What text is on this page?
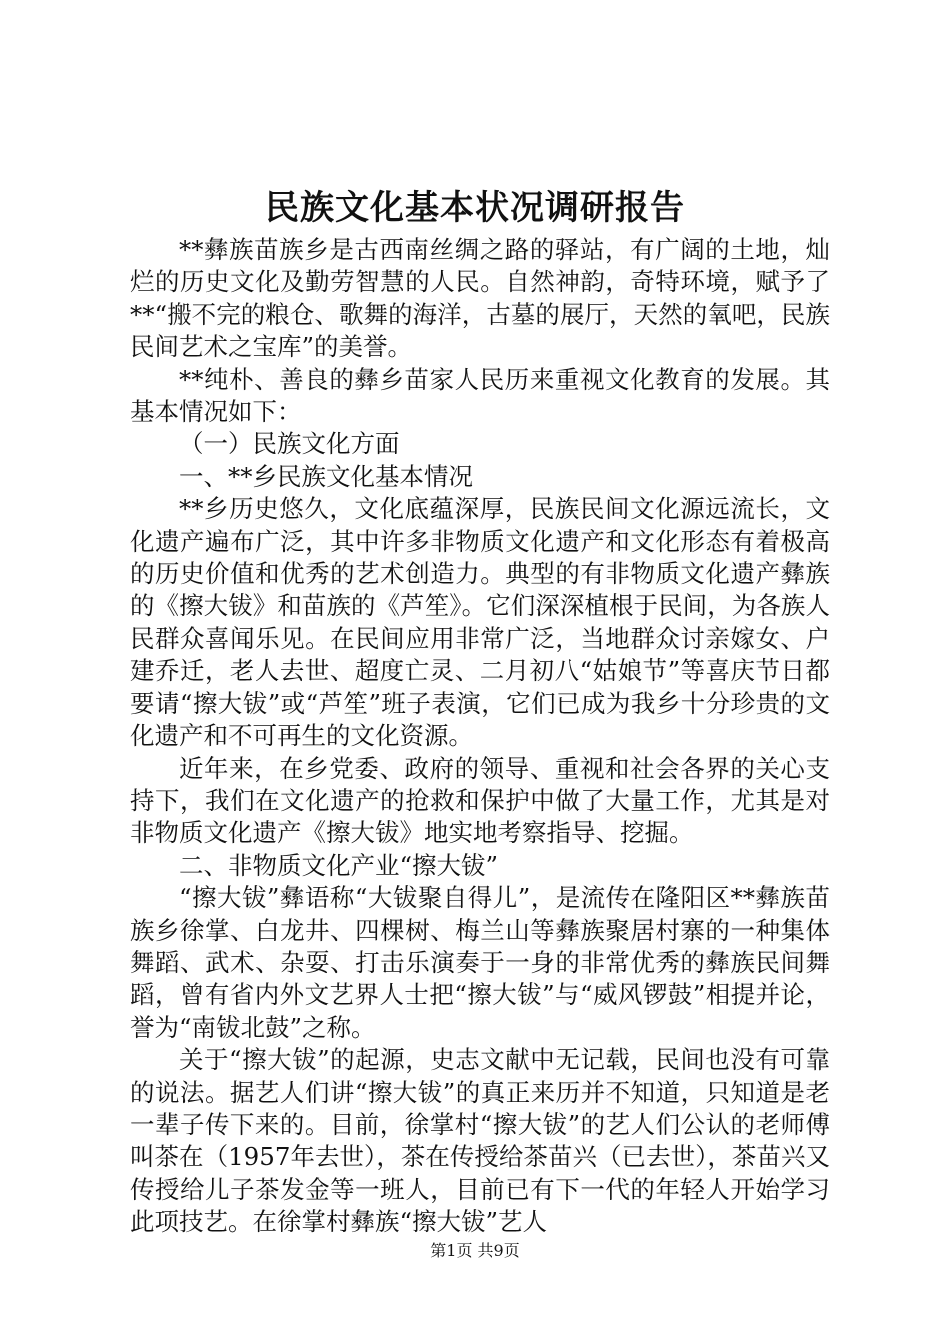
民族文化基本状况调研报告

**彝族苗族乡是古西南丝绸之路的驿站，有广阔的土地，灿烂的历史文化及勤劳智慧的人民。自然神韵，奇特环境，赋予了**“搬不完的粮仓、歌舞的海洋，古墓的展厅，天然的氧吧，民族民间艺术之宝库”的美誉。

**纯朴、善良的彝乡苗家人民历来重视文化教育的发展。其基本情况如下：

（一）民族文化方面

一、**乡民族文化基本情况

**乡历史悠久，文化底蕴深厚，民族民间文化源远流长，文化遗产遍布广泛，其中许多非物质文化遗产和文化形态有着极高的历史价值和优秀的艺术创造力。典型的有非物质文化遗产彝族的《擦大钹》和苗族的《芦笙》。它们深深植根于民间，为各族人民群众喜闻乐见。在民间应用非常广泛，当地群众讨亲嫁女、户建乔迁，老人去世、超度亡灵、二月初八“姑娘节”等喜庆节日都要请“擦大钹”或“芦笙”班子表演，它们已成为我乡十分珍贵的文化遗产和不可再生的文化资源。

近年来，在乡党委、政府的领导、重视和社会各界的关心支持下，我们在文化遗产的抢救和保护中做了大量工作，尤其是对非物质文化遗产《擦大钹》地实地考察指导、挖掘。

二、非物质文化产业“擦大钹”

“擦大钹”彝语称“大钹聚自得儿”，是流传在隆阳区**彝族苗族乡徐掌、白龙井、四棵树、梅兰山等彝族聚居村寨的一种集体舞蹈、武术、杂耍、打击乐演奏于一身的非常优秀的彝族民间舞蹈，曾有省内外文艺界人士把“擦大钹”与“威风锣鼓”相提并论，誉为“南钹北鼓”之称。

关于“擦大钹”的起源，史志文献中无记载，民间也没有可靠的说法。据艺人们讲“擦大钹”的真正来历并不知道，只知道是老一辈子传下来的。目前，徐掌村“擦大钹”的艺人们公认的老师傅叫茶在（1957年去世），茶在传授给茶苗兴（已去世），茶苗兴又传授给儿子茶发金等一班人，目前已有下一代的年轻人开始学习此项技艺。在徐掌村彝族“擦大钹”艺人

第1页 共9页
